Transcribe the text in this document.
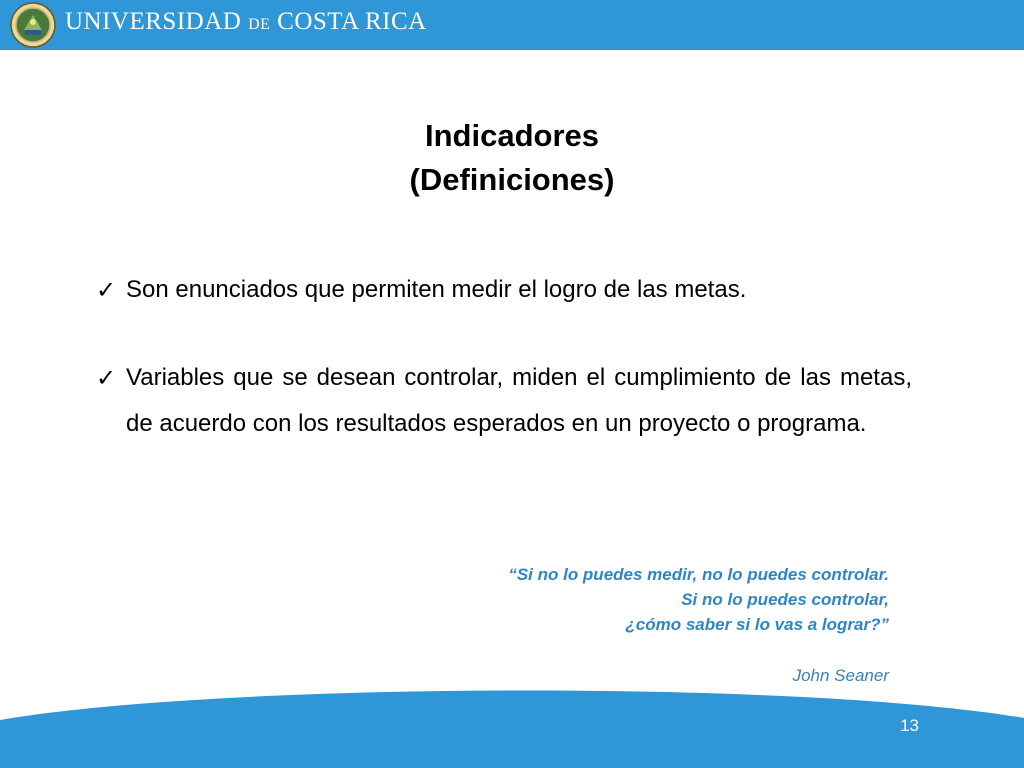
UNIVERSIDAD DE COSTA RICA
Indicadores
(Definiciones)
✓ Son enunciados que permiten medir el logro de las metas.
✓ Variables que se desean controlar, miden el cumplimiento de las metas, de acuerdo con los resultados esperados en un proyecto o programa.
“Si no lo puedes medir, no lo puedes controlar.
Si no lo puedes controlar,
¿cómo saber si lo vas a lograr?”
John Seaner
13
